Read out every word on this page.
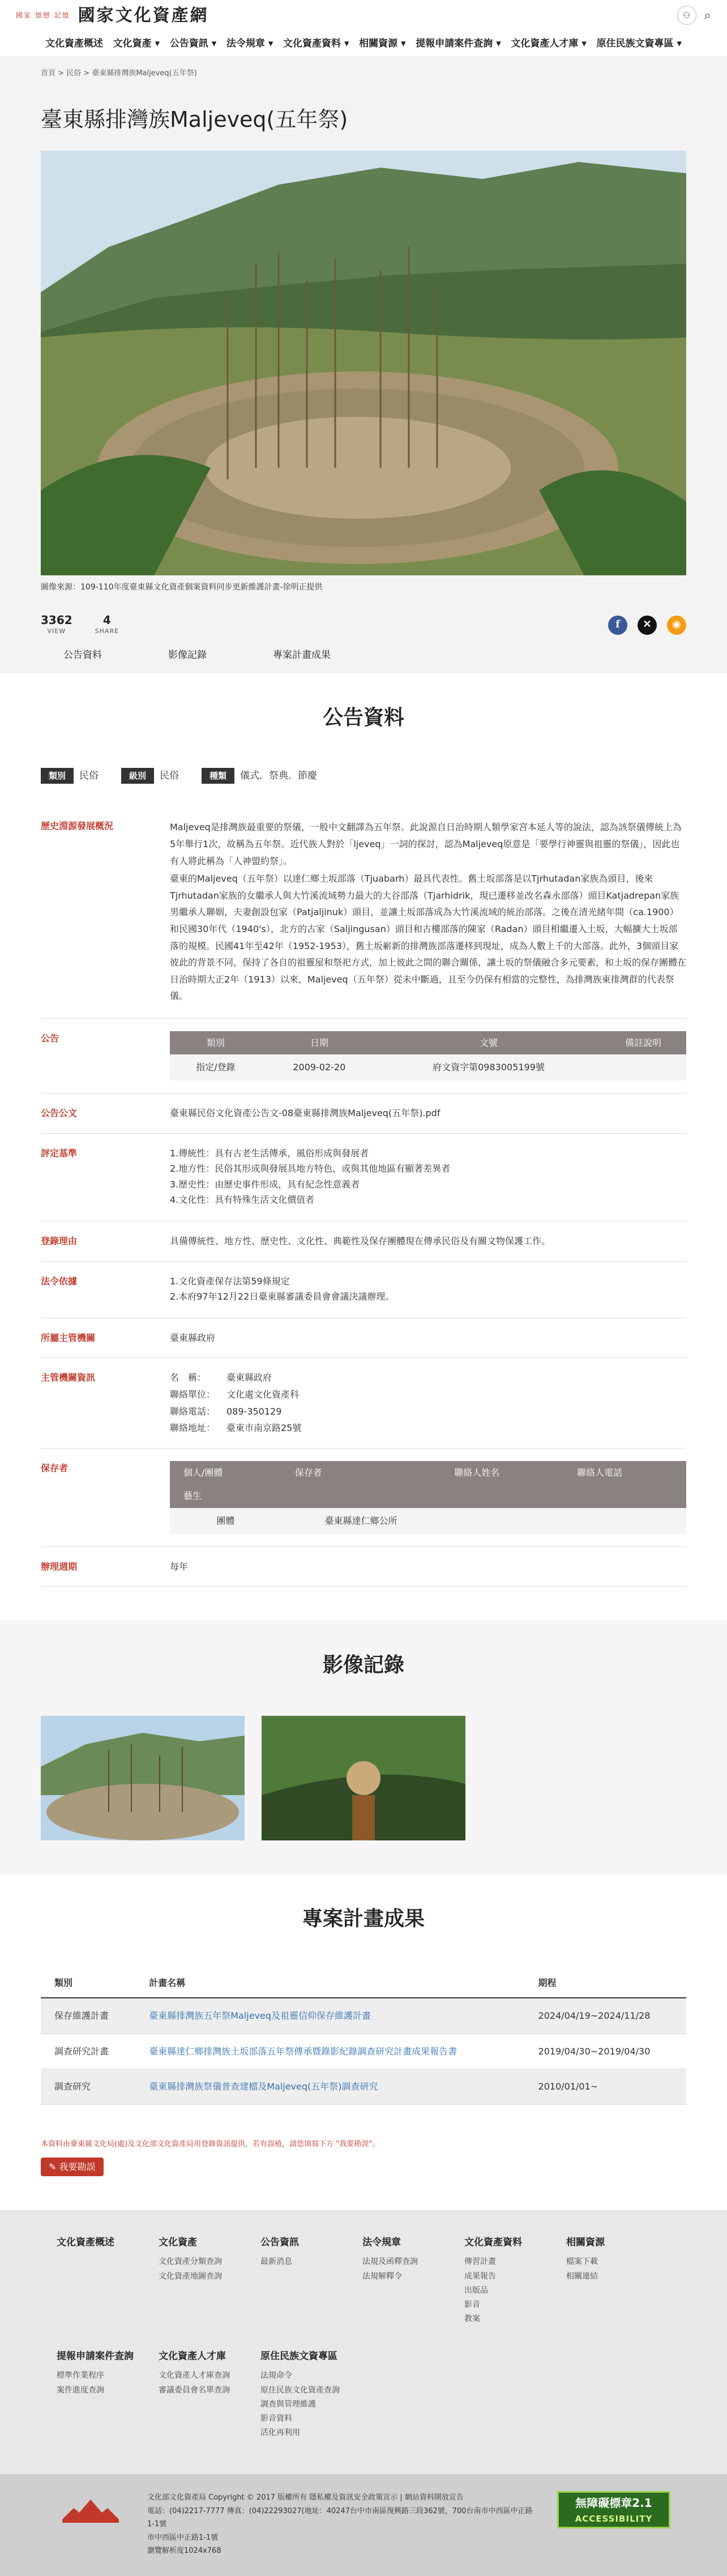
國家 憶戀 記憶 國家文化資產網	⚇	⌕
文化資產概述 文化資產 ▾ 公告資訊 ▾ 法令規章 ▾ 文化資產資料 ▾ 相關資源 ▾ 提報申請案件查詢 ▾ 文化資產人才庫 ▾ 原住民族文資專區 ▾
首頁 > 民俗 > 臺東縣排灣族Maljeveq(五年祭)
臺東縣排灣族Maljeveq(五年祭)
圖像來源：109-110年度臺東縣文化資產個案資料同步更新維護計畫-徐明正提供
3362
VIEW
4
SHARE
f	✕	◉
公告資料	影像記錄	專案計畫成果
公告資料
類別	民俗	級別	民俗	種類	儀式．祭典．節慶
歷史淵源發展概況	Maljeveq是排灣族最重要的祭儀，一般中文翻譯為五年祭。此說源自日治時期人類學家宮本延人等的說法，認為該祭儀傳統上為5年舉行1次，故稱為五年祭。近代族人對於「ljeveq」一詞的探討，認為Maljeveq原意是「要學行神靈與祖靈的祭儀」，因此也有人將此稱為「人神盟約祭」。

臺東的Maljeveq（五年祭）以達仁鄉土坂部落（Tjuabarh）最具代表性。舊土坂部落是以Tjrhutadan家族為頭目，後來Tjrhutadan家族的女繼承人與大竹溪流域勢力最大的大谷部落（Tjarhidrik，現已遷移並改名森永部落）頭目Katjadrepan家族男繼承人聯姻，夫妻創設包家（Patjaljinuk）頭目，並讓土坂部落成為大竹溪流域的統治部落。之後在清光緒年間（ca.1900）和民國30年代（1940's），北方的古家（Saljingusan）頭目和古樓部落的陳家（Radan）頭目相繼遷入土坂，大幅擴大土坂部落的規模。民國41年至42年（1952-1953），舊土坂嶄新的排灣族部落遷移到現址，成為人數上千的大部落。此外，3個頭目家彼此的背景不同，保持了各自的祖靈屋和祭祀方式，加上彼此之間的聯合關係，讓土坂的祭儀融合多元要素，和土坂的保存團體在日治時期大正2年（1913）以來，Maljeveq（五年祭）從未中斷過，且至今仍保有相當的完整性，為排灣族東排灣群的代表祭儀。

公告	類別	日期	文號	備註說明
指定/登錄	2009-02-20	府文資字第0983005199號	
公告公文	臺東縣民俗文化資產公告文-08臺東縣排灣族Maljeveq(五年祭).pdf
評定基準	1.傳統性：具有古老生活傳承，風俗形成與發展者

2.地方性：民俗其形成與發展具地方特色，或與其他地區有顯著差異者

3.歷史性：由歷史事件形成，具有紀念性意義者

4.文化性：具有特殊生活文化價值者

登錄理由	具備傳統性、地方性、歷史性、文化性、典範性及保存團體現在傳承民俗及有關文物保護工作。
法令依據	1.文化資產保存法第59條規定

2.本府97年12月22日臺東縣審議委員會會議決議辦理。

所屬主管機關	臺東縣政府
主管機關資訊	名　稱：	臺東縣政府
聯絡單位：	文化處文化資產科
聯絡電話：	089-350129
聯絡地址：	臺東市南京路25號
保存者	個人/團體	保存者	聯絡人姓名	聯絡人電話
藝生			
團體	臺東縣達仁鄉公所		
辦理週期	每年
影像記錄
專案計畫成果
類別	計畫名稱	期程
保存維護計畫	臺東縣排灣族五年祭Maljeveq及祖靈信仰保存維護計畫	2024/04/19~2024/11/28
調查研究計畫	臺東縣達仁鄉排灣族土坂部落五年祭傳承暨錄影紀錄調查研究計畫成果報告書	2019/04/30~2019/04/30
調查研究	臺東縣排灣族祭儀普查建檔及Maljeveq(五年祭)調查研究	2010/01/01~

本資料由臺東縣文化局(處)及文化部文化資產局用登錄資訊提供，若有誤植，請您填寫下方 "我要勘誤"。

✎ 我要勘誤
文化資產概述	文化資產
文化資產分類查詢
文化資產地圖查詢
公告資訊
最新消息
法令規章
法規及函釋查詢
法規解釋令
文化資產資料
傳習計畫
成果報告
出版品
影音
教案
相關資源
檔案下載
相關連結
提報申請案件查詢
標準作業程序
案件進度查詢
文化資產人才庫
文化資產人才庫查詢
審議委員會名單查詢
原住民族文資專區
法規命令
原住民族文化資產查詢
調查與管理維護
影音資料
活化再利用

文化部文化資產局 Copyright © 2017 版權所有 隱私權及資訊安全政策宣示 | 網站資料開放宣告

電話：(04)2217-7777 傳真：(04)22293027(地址：40247台中市南區復興路三段362號，700台南市中西區中正路1-1號

市中西區中正路1-1號

瀏覽解析度1024x768

無障礙標章2.1
ACCESSIBILITY
